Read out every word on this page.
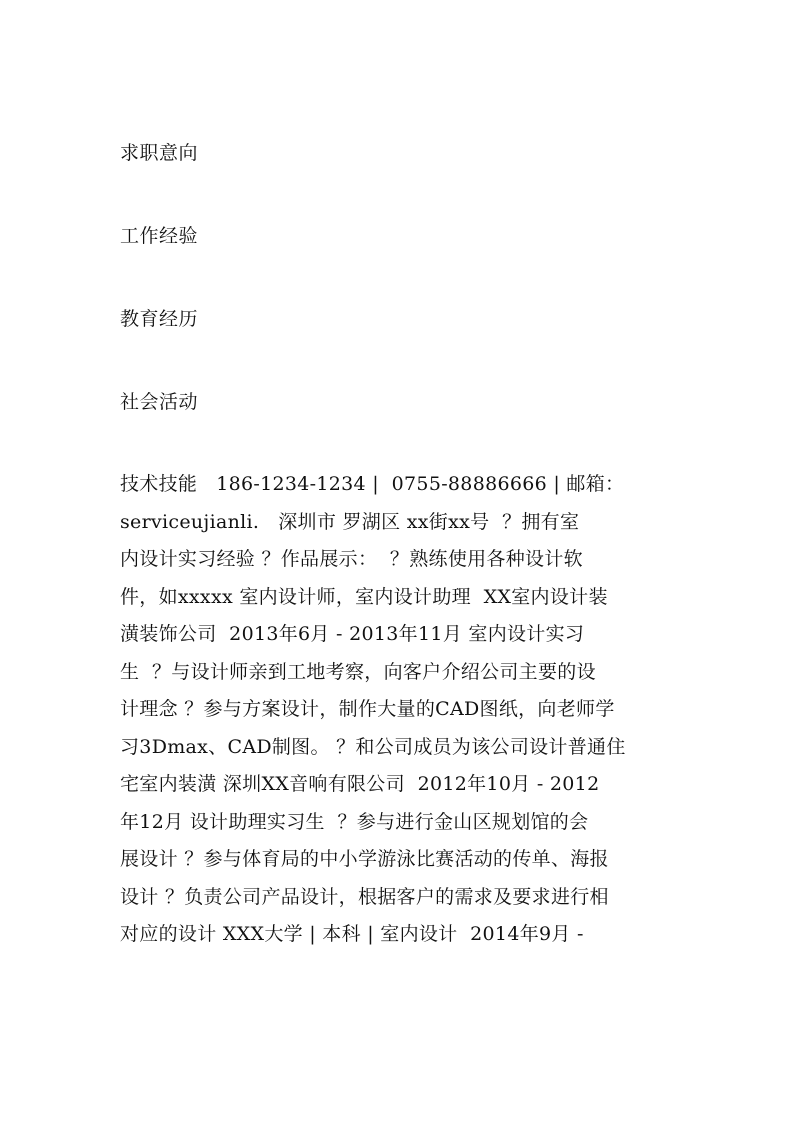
求职意向
工作经验
教育经历
社会活动
技术技能   186-1234-1234 |  0755-88886666 | 邮箱：
serviceujianli.   深圳市 罗湖区 xx街xx号  ？拥有室
内设计实习经验 ？作品展示：  ？熟练使用各种设计软
件，如xxxxx 室内设计师，室内设计助理  XX室内设计装
潢装饰公司  2013年6月 - 2013年11月 室内设计实习
生  ？与设计师亲到工地考察，向客户介绍公司主要的设
计理念 ？参与方案设计，制作大量的CAD图纸，向老师学
习3Dmax、CAD制图。 ？和公司成员为该公司设计普通住
宅室内装潢 深圳XX音响有限公司  2012年10月 - 2012
年12月 设计助理实习生  ？参与进行金山区规划馆的会
展设计 ？参与体育局的中小学游泳比赛活动的传单、海报
设计 ？负责公司产品设计，根据客户的需求及要求进行相
对应的设计 XXX大学 | 本科 | 室内设计  2014年9月 -
